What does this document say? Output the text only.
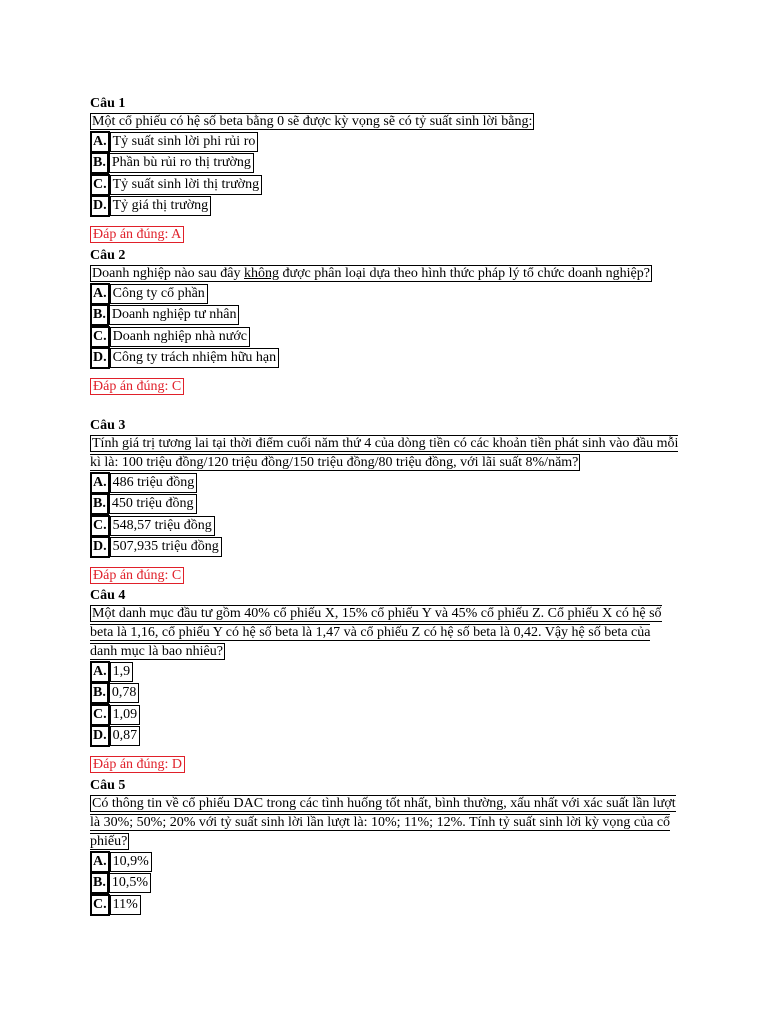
Câu 1
Một cổ phiếu có hệ số beta bằng 0 sẽ được kỳ vọng sẽ có tỷ suất sinh lời bằng:
A. Tỷ suất sinh lời phi rủi ro
B. Phần bù rủi ro thị trường
C. Tỷ suất sinh lời thị trường
D. Tỷ giá thị trường
Đáp án đúng: A
Câu 2
Doanh nghiệp nào sau đây không được phân loại dựa theo hình thức pháp lý tổ chức doanh nghiệp?
A. Công ty cổ phần
B. Doanh nghiệp tư nhân
C. Doanh nghiệp nhà nước
D. Công ty trách nhiệm hữu hạn
Đáp án đúng: C
Câu 3
Tính giá trị tương lai tại thời điểm cuối năm thứ 4 của dòng tiền có các khoản tiền phát sinh vào đầu mỗi kì là: 100 triệu đồng/120 triệu đồng/150 triệu đồng/80 triệu đồng, với lãi suất 8%/năm?
A. 486 triệu đồng
B. 450 triệu đồng
C. 548,57 triệu đồng
D. 507,935 triệu đồng
Đáp án đúng: C
Câu 4
Một danh mục đầu tư gồm 40% cổ phiếu X, 15% cổ phiếu Y và 45% cổ phiếu Z. Cổ phiếu X có hệ số beta là 1,16, cổ phiếu Y có hệ số beta là 1,47 và cổ phiếu Z có hệ số beta là 0,42. Vậy hệ số beta của danh mục là bao nhiêu?
A. 1,9
B. 0,78
C. 1,09
D. 0,87
Đáp án đúng: D
Câu 5
Có thông tin về cổ phiếu DAC trong các tình huống tốt nhất, bình thường, xấu nhất với xác suất lần lượt là 30%; 50%; 20% với tỷ suất sinh lời lần lượt là: 10%; 11%; 12%. Tính tỷ suất sinh lời kỳ vọng của cổ phiếu?
A. 10,9%
B. 10,5%
C. 11%
